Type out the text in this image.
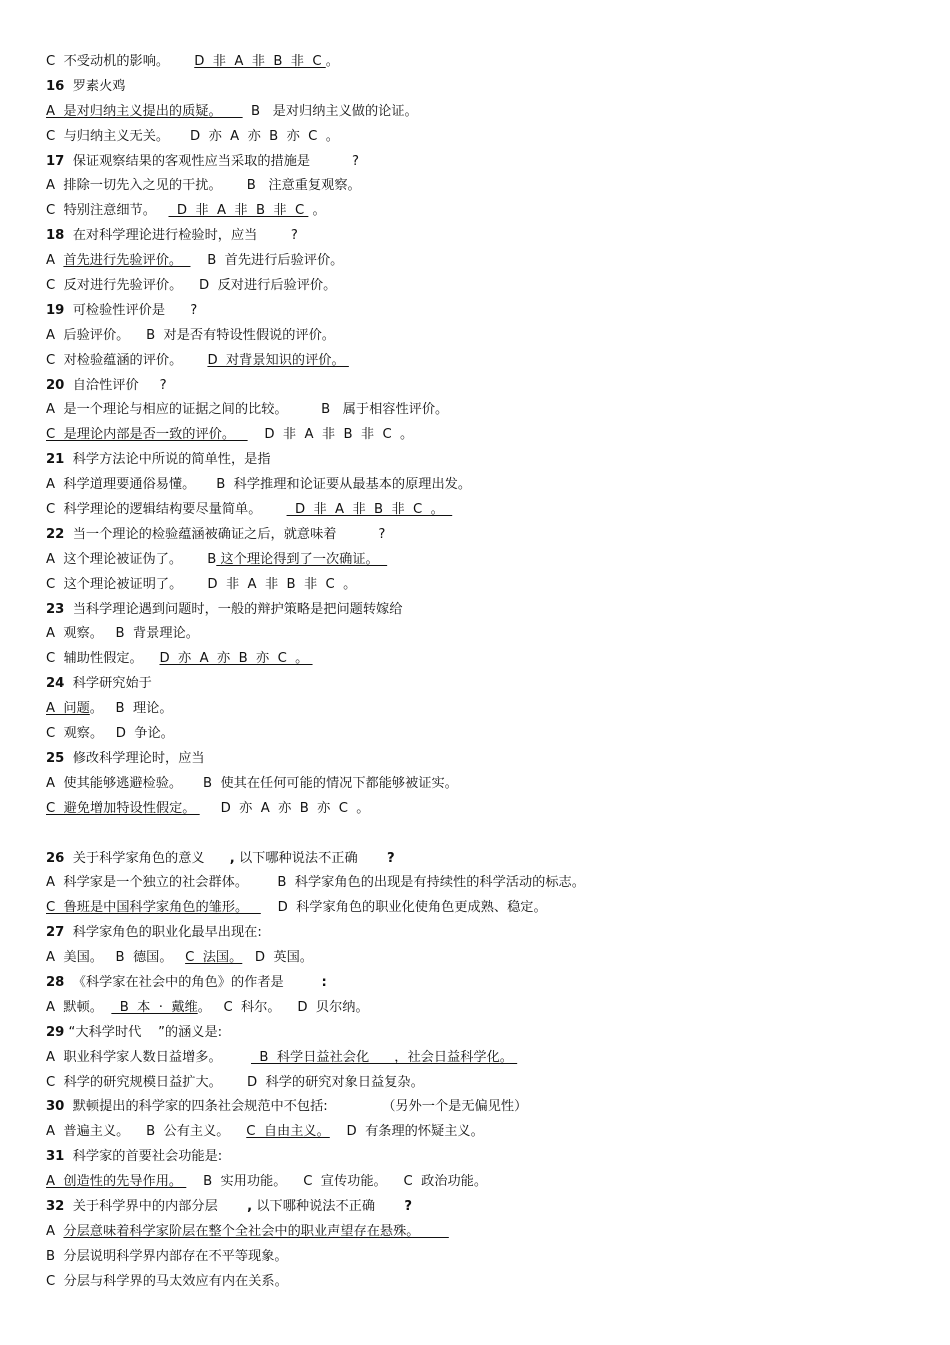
C  不受动机的影响。      D  非  A  非  B  非  C 。
16  罗素火鸡
A  是对归纳主义提出的质疑。       B   是对归纳主义做的论证。
C  与归纳主义无关。     D  亦  A  亦  B  亦  C  。
17  保证观察结果的客观性应当采取的措施是          ?
A  排除一切先入之见的干扰。      B   注意重复观察。
C  特别注意细节。     D  非  A  非  B  非  C  。
18  在对科学理论进行检验时，应当        ?
A  首先进行先验评价。      B  首先进行后验评价。
C  反对进行先验评价。    D  反对进行后验评价。
19  可检验性评价是      ?
A  后验评价。    B  对是否有特设性假说的评价。
C  对检验蕴涵的评价。      D  对背景知识的评价。
20  自洽性评价     ?
A  是一个理论与相应的证据之间的比较。        B   属于相容性评价。
C  是理论内部是否一致的评价。       D  非  A  非  B  非  C  。
21  科学方法论中所说的简单性，是指
A  科学道理要通俗易懂。     B  科学推理和论证要从最基本的原理出发。
C  科学理论的逻辑结构要尽量简单。        D  非  A  非  B  非  C  。
22  当一个理论的检验蕴涵被确证之后，就意味着          ?
A  这个理论被证伪了。      B 这个理论得到了一次确证。
C  这个理论被证明了。      D  非  A  非  B  非  C  。
23  当科学理论遇到问题时，一般的辩护策略是把问题转嫁给
A  观察。   B  背景理论。
C  辅助性假定。    D  亦  A  亦  B  亦  C  。
24  科学研究始于
A  问题。   B  理论。
C  观察。   D  争论。
25  修改科学理论时，应当
A  使其能够逃避检验。     B  使其在任何可能的情况下都能够被证实。
C  避免增加特设性假定。      D  亦  A  亦  B  亦  C  。
26  关于科学家角色的意义      , 以下哪种说法不正确       ?
A  科学家是一个独立的社会群体。       B  科学家角色的出现是有持续性的科学活动的标志。
C  鲁班是中国科学家角色的雏形。       D  科学家角色的职业化使角色更成熟、稳定。
27  科学家角色的职业化最早出现在:
A  美国。   B  德国。   C  法国。   D  英国。
28  《科学家在社会中的角色》的作者是         :
A  默顿。    B  本  ·  戴维。   C  科尔。    D  贝尔纳。
29 “大科学时代    ”的涵义是:
A  职业科学家人数日益增多。         B  科学日益社会化      ，社会日益科学化。
C  科学的研究规模日益扩大。      D  科学的研究对象日益复杂。
30  默顿提出的科学家的四条社会规范中不包括:             （另外一个是无偏见性）
A  普遍主义。    B  公有主义。    C  自由主义。    D  有条理的怀疑主义。
31  科学家的首要社会功能是:
A  创造性的先导作用。     B  实用功能。    C  宣传功能。    C  政治功能。
32  关于科学界中的内部分层       , 以下哪种说法不正确       ?
A  分层意味着科学家阶层在整个全社会中的职业声望存在悬殊。
B  分层说明科学界内部存在不平等现象。
C  分层与科学界的马太效应有内在关系。
